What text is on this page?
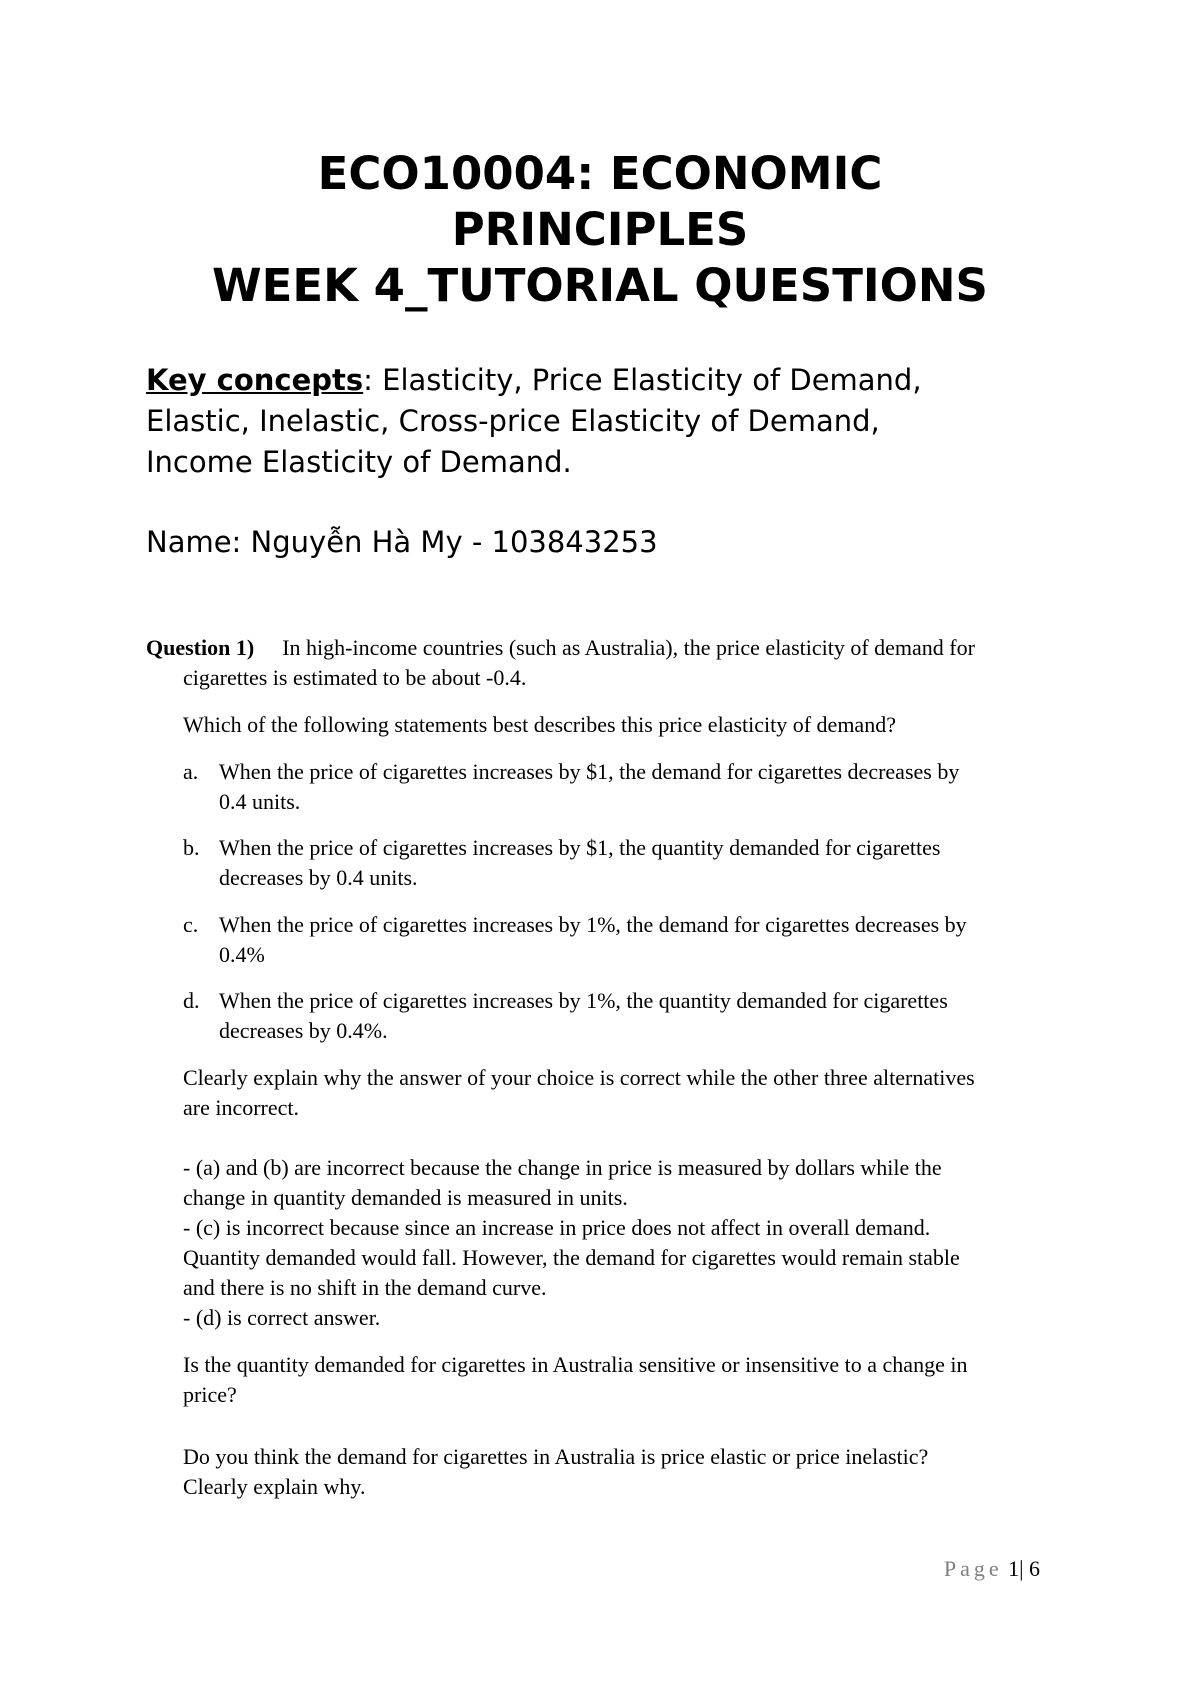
ECO10004: ECONOMIC
PRINCIPLES
WEEK 4_TUTORIAL QUESTIONS
Key concepts: Elasticity, Price Elasticity of Demand,
Elastic, Inelastic, Cross-price Elasticity of Demand,
Income Elasticity of Demand.
Name: Nguyễn Hà My - 103843253
Question 1) In high-income countries (such as Australia), the price elasticity of demand for
cigarettes is estimated to be about -0.4.
Which of the following statements best describes this price elasticity of demand?
a. When the price of cigarettes increases by $1, the demand for cigarettes decreases by
0.4 units.
b. When the price of cigarettes increases by $1, the quantity demanded for cigarettes
decreases by 0.4 units.
c. When the price of cigarettes increases by 1%, the demand for cigarettes decreases by
0.4%
d. When the price of cigarettes increases by 1%, the quantity demanded for cigarettes
decreases by 0.4%.
Clearly explain why the answer of your choice is correct while the other three alternatives
are incorrect.
- (a) and (b) are incorrect because the change in price is measured by dollars while the
change in quantity demanded is measured in units.
- (c) is incorrect because since an increase in price does not affect in overall demand.
Quantity demanded would fall. However, the demand for cigarettes would remain stable
and there is no shift in the demand curve.
- (d) is correct answer.
Is the quantity demanded for cigarettes in Australia sensitive or insensitive to a change in
price?
Do you think the demand for cigarettes in Australia is price elastic or price inelastic?
Clearly explain why.
Page 1| 6
